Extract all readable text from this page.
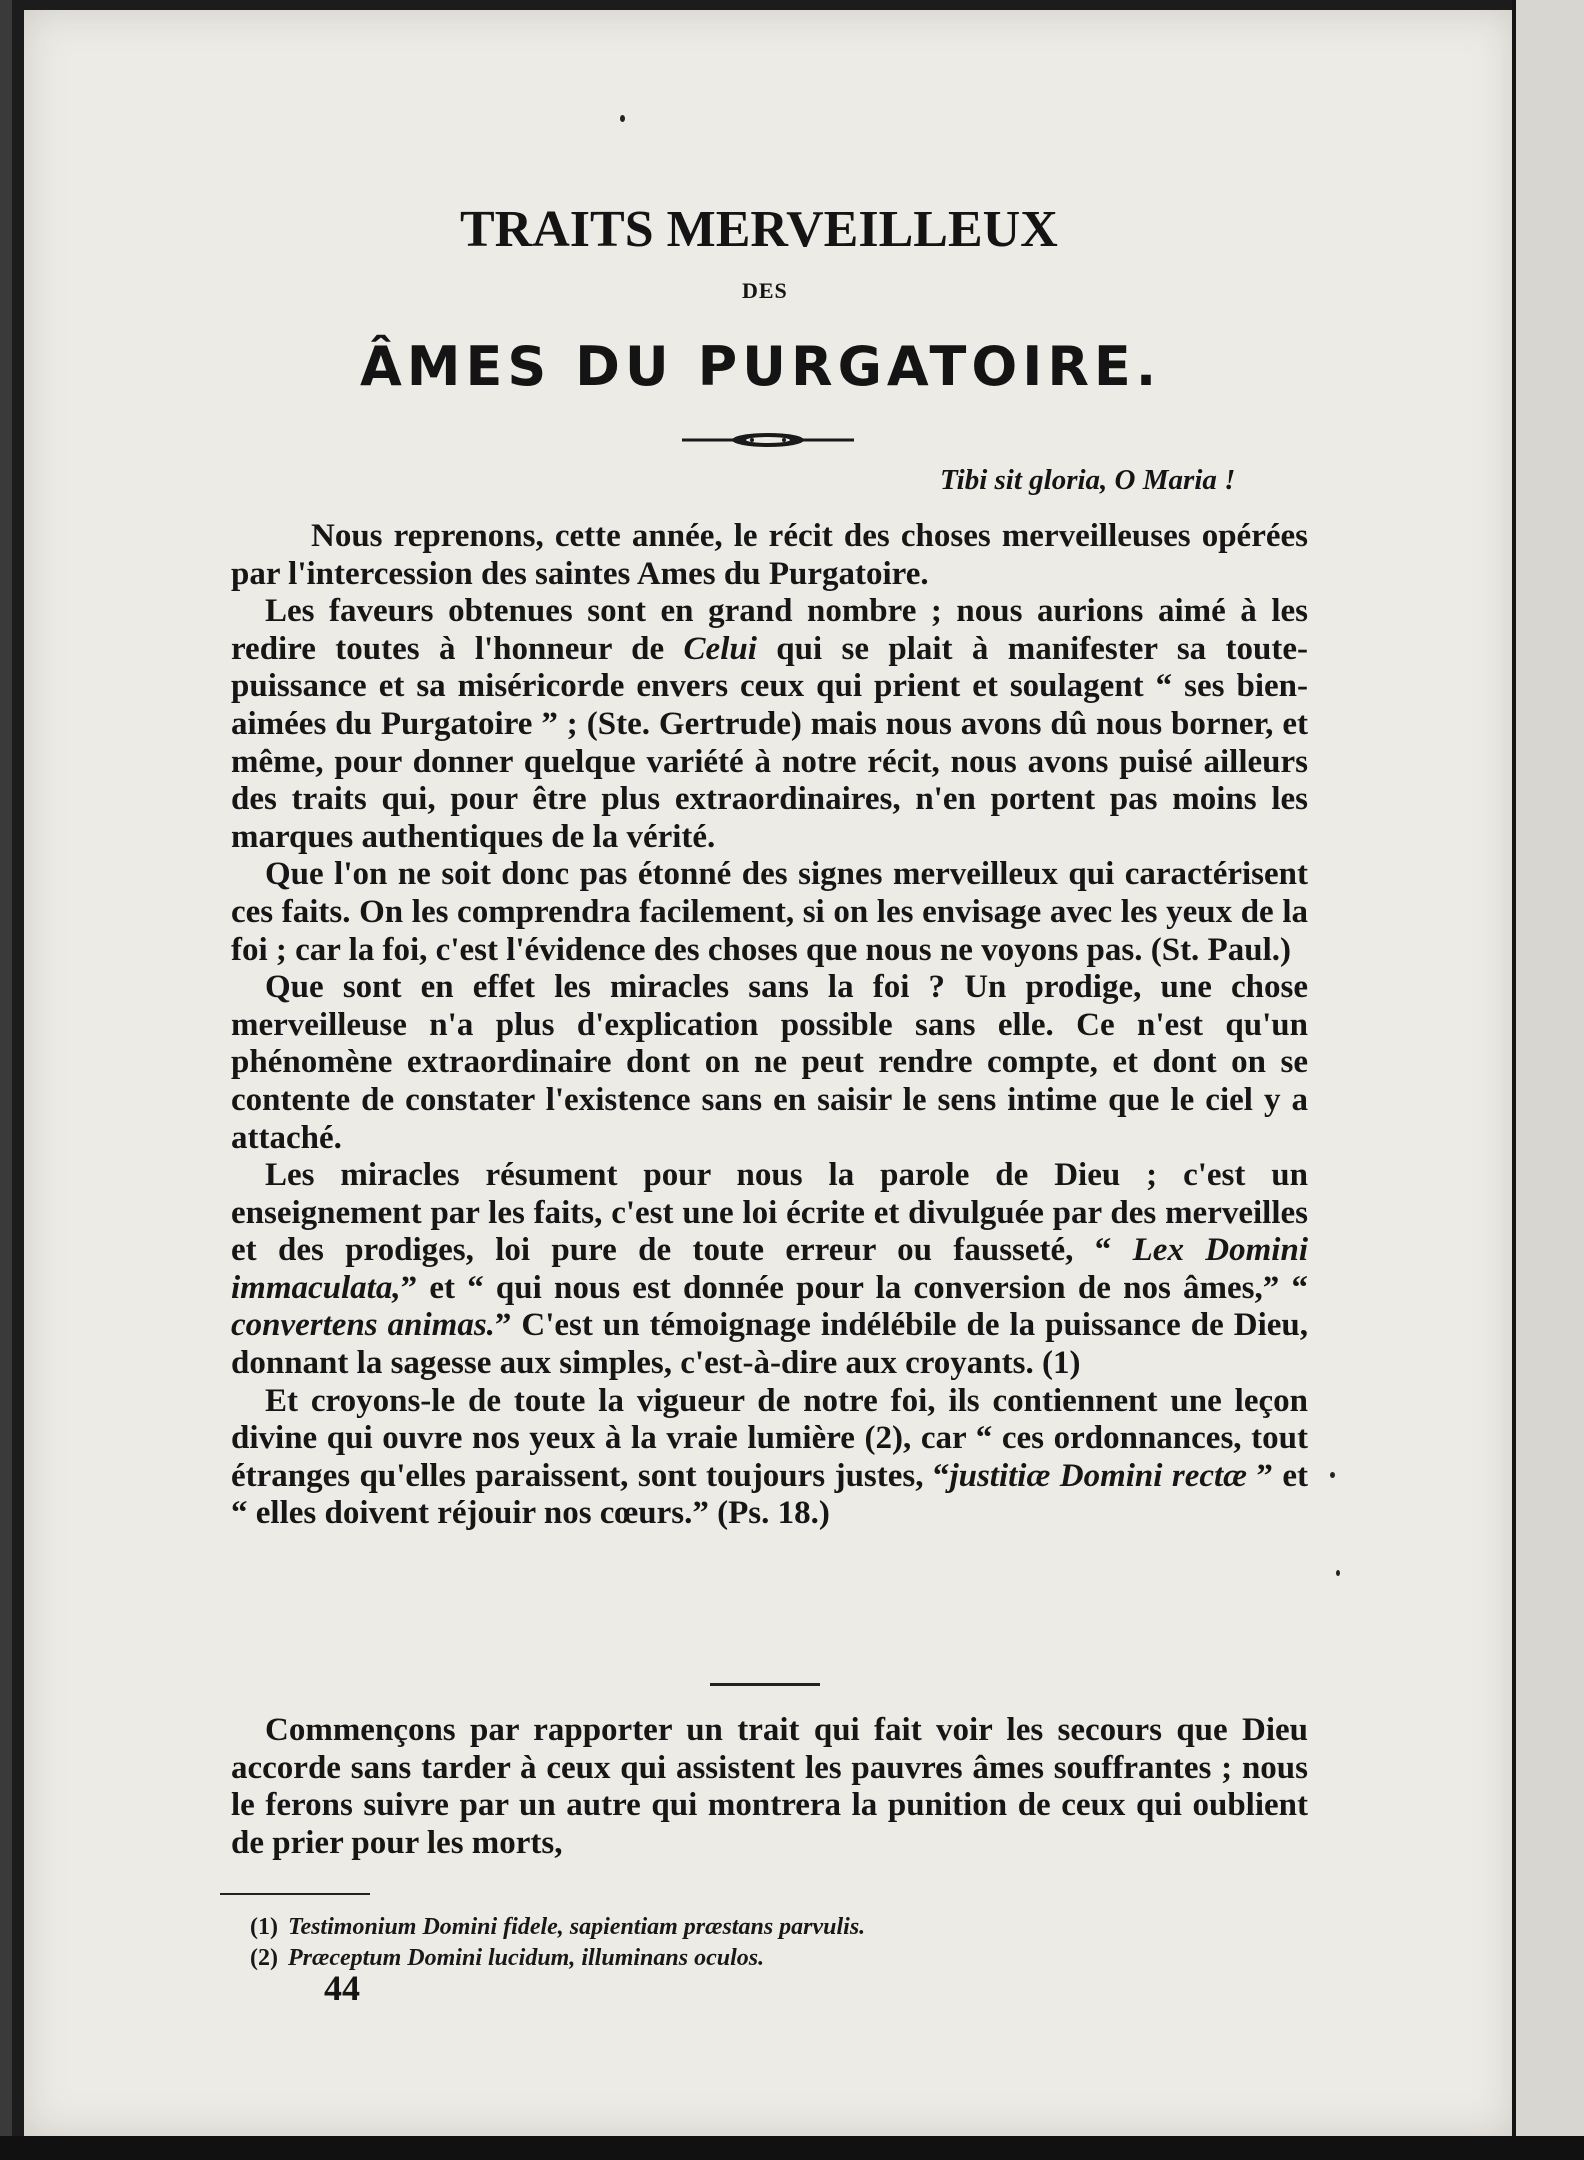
TRAITS MERVEILLEUX
DES
ÂMES DU PURGATOIRE.
Tibi sit gloria, O Maria !

Nous reprenons, cette année, le récit des choses merveilleuses opérées par l'intercession des saintes Ames du Purgatoire.

Les faveurs obtenues sont en grand nombre ; nous aurions aimé à les redire toutes à l'honneur de Celui qui se plait à manifester sa toute-puissance et sa miséricorde envers ceux qui prient et soulagent “ ses bien-aimées du Purgatoire ” ; (Ste. Gertrude) mais nous avons dû nous borner, et même, pour donner quelque variété à notre récit, nous avons puisé ailleurs des traits qui, pour être plus extraordinaires, n'en portent pas moins les marques authentiques de la vérité.

Que l'on ne soit donc pas étonné des signes merveilleux qui caractérisent ces faits. On les comprendra facilement, si on les envisage avec les yeux de la foi ; car la foi, c'est l'évidence des choses que nous ne voyons pas. (St. Paul.)

Que sont en effet les miracles sans la foi ? Un prodige, une chose merveilleuse n'a plus d'explication possible sans elle. Ce n'est qu'un phénomène extraordinaire dont on ne peut rendre compte, et dont on se contente de constater l'existence sans en saisir le sens intime que le ciel y a attaché.

Les miracles résument pour nous la parole de Dieu ; c'est un enseignement par les faits, c'est une loi écrite et divulguée par des merveilles et des prodiges, loi pure de toute erreur ou fausseté, “ Lex Domini immaculata,” et “ qui nous est donnée pour la conversion de nos âmes,” “ convertens animas.” C'est un témoignage indélébile de la puissance de Dieu, donnant la sagesse aux simples, c'est-à-dire aux croyants. (1)

Et croyons-le de toute la vigueur de notre foi, ils contiennent une leçon divine qui ouvre nos yeux à la vraie lumière (2), car “ ces ordonnances, tout étranges qu'elles paraissent, sont toujours justes, “justitiæ Domini rectæ ” et “ elles doivent réjouir nos cœurs.” (Ps. 18.)

Commençons par rapporter un trait qui fait voir les secours que Dieu accorde sans tarder à ceux qui assistent les pauvres âmes souffrantes ; nous le ferons suivre par un autre qui montrera la punition de ceux qui oublient de prier pour les morts,

(1) Testimonium Domini fidele, sapientiam præstans parvulis.
(2) Præceptum Domini lucidum, illuminans oculos.
44
